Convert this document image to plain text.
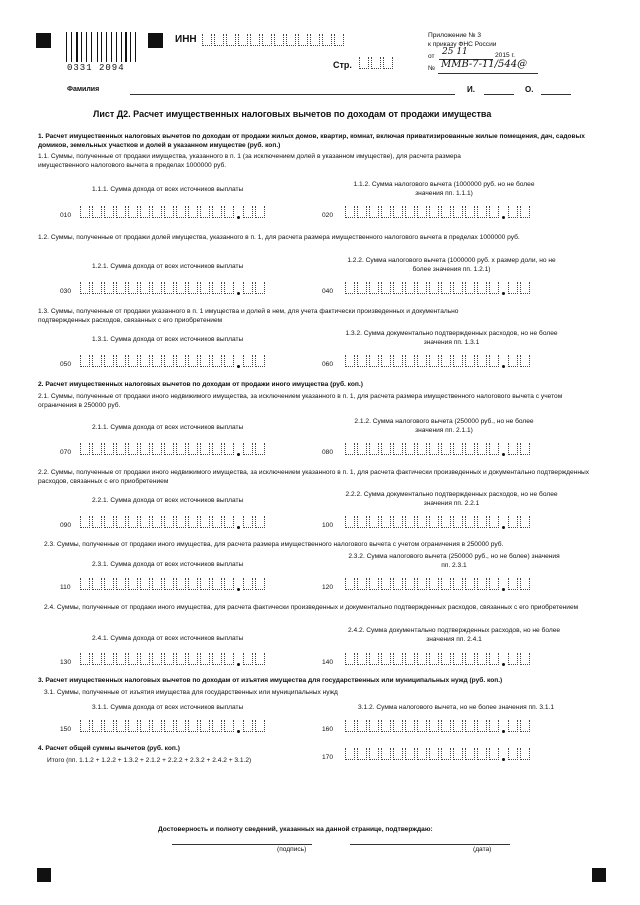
0331 2094
ИНН
Стр.
Приложение № 3
к приказу ФНС России
от 25 11	2015 г.
№ ММВ-7-11/544@
Фамилия	И.	О.
Лист Д2. Расчет имущественных налоговых вычетов по доходам от продажи имущества
1. Расчет имущественных налоговых вычетов по доходам от продажи жилых домов, квартир, комнат, включая приватизированные жилые помещения, дач, садовых домиков, земельных участков и долей в указанном имуществе (руб. коп.)
1.1. Суммы, полученные от продажи имущества, указанного в п. 1 (за исключением долей в указанном имуществе), для расчета размера имущественного налогового вычета в пределах 1000000 руб.
1.1.1. Сумма дохода от всех источников выплаты
1.1.2. Сумма налогового вычета (1000000 руб. но не более значения пп. 1.1.1)
010	020
1.2. Суммы, полученные от продажи долей имущества, указанного в п. 1, для расчета размера имущественного налогового вычета в пределах 1000000 руб.
1.2.1. Сумма дохода от всех источников выплаты
1.2.2. Сумма налогового вычета (1000000 руб. х размер доли, но не более значения пп. 1.2.1)
030	040
1.3. Суммы, полученные от продажи указанного в п. 1 имущества и долей в нем, для учета фактически произведенных и документально подтвержденных расходов, связанных с его приобретением
1.3.1. Сумма дохода от всех источников выплаты
1.3.2. Сумма документально подтвержденных расходов, но не более значения пп. 1.3.1
050	060
2. Расчет имущественных налоговых вычетов по доходам от продажи иного имущества (руб. коп.)
2.1. Суммы, полученные от продажи иного недвижимого имущества, за исключением указанного в п. 1, для расчета размера имущественного налогового вычета с учетом ограничения в 250000 руб.
2.1.1. Сумма дохода от всех источников выплаты
2.1.2. Сумма налогового вычета (250000 руб., но не более значения пп. 2.1.1)
070	080
2.2. Суммы, полученные от продажи иного недвижимого имущества, за исключением указанного в п. 1, для расчета фактически произведенных и документально подтвержденных расходов, связанных с его приобретением
2.2.1. Сумма дохода от всех источников выплаты
2.2.2. Сумма документально подтвержденных расходов, но не более значения пп. 2.2.1
090	100
2.3. Суммы, полученные от продажи иного имущества, для расчета размера имущественного налогового вычета с учетом ограничения в 250000 руб.
2.3.1. Сумма дохода от всех источников выплаты
2.3.2. Сумма налогового вычета (250000 руб., но не более) значения пп. 2.3.1
110	120
2.4. Суммы, полученные от продажи иного имущества, для расчета фактически произведенных и документально подтвержденных расходов, связанных с его приобретением
2.4.1. Сумма дохода от всех источников выплаты
2.4.2. Сумма документально подтвержденных расходов, но не более значения пп. 2.4.1
130	140
3. Расчет имущественных налоговых вычетов по доходам от изъятия имущества для государственных или муниципальных нужд (руб. коп.)
3.1. Суммы, полученные от изъятия имущества для государственных или муниципальных нужд
3.1.1. Сумма дохода от всех источников выплаты	3.1.2. Сумма налогового вычета, но не более значения пп. 3.1.1
150	160
4. Расчет общей суммы вычетов (руб. коп.)
Итого (пп. 1.1.2 + 1.2.2 + 1.3.2 + 2.1.2 + 2.2.2 + 2.3.2 + 2.4.2 + 3.1.2)	170
Достоверность и полноту сведений, указанных на данной странице, подтверждаю:
(подпись)	(дата)
